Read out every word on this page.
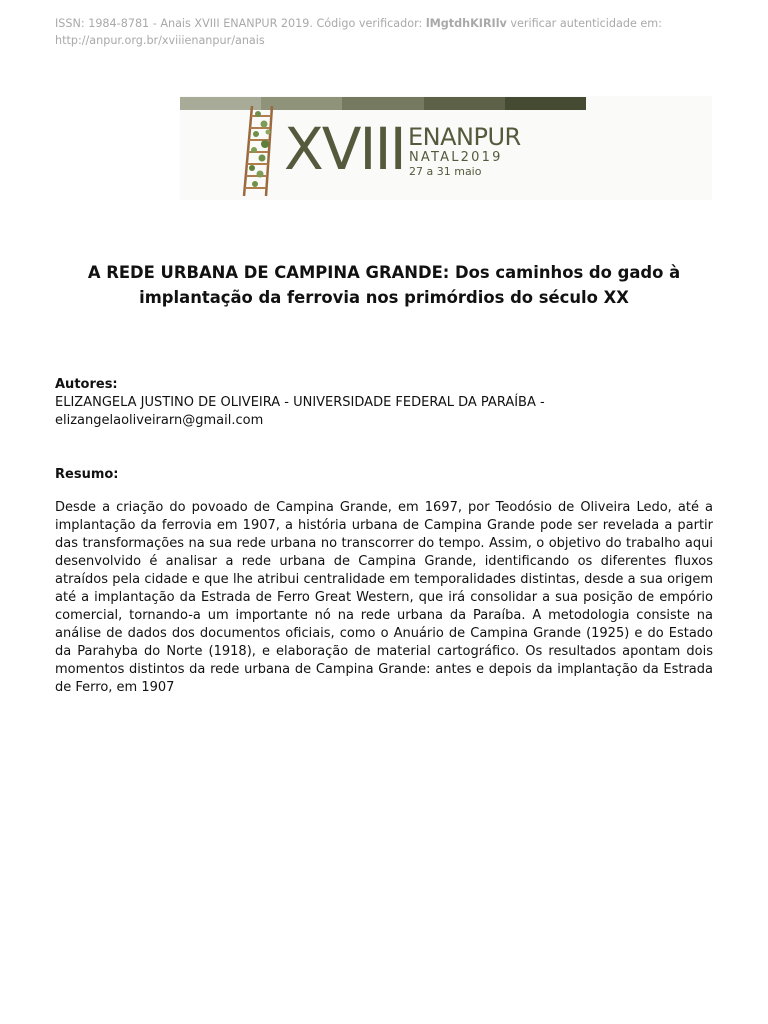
ISSN: 1984-8781 - Anais XVIII ENANPUR 2019. Código verificador: lMgtdhKIRIlv verificar autenticidade em: http://anpur.org.br/xviiienanpur/anais
XVIII ENANPUR
NATAL2019
27 a 31 maio
A REDE URBANA DE CAMPINA GRANDE: Dos caminhos do gado à implantação da ferrovia nos primórdios do século XX
Autores:
ELIZANGELA JUSTINO DE OLIVEIRA - UNIVERSIDADE FEDERAL DA PARAÍBA -
elizangelaoliveirarn@gmail.com
Resumo:
Desde a criação do povoado de Campina Grande, em 1697, por Teodósio de Oliveira Ledo, até a implantação da ferrovia em 1907, a história urbana de Campina Grande pode ser revelada a partir das transformações na sua rede urbana no transcorrer do tempo. Assim, o objetivo do trabalho aqui desenvolvido é analisar a rede urbana de Campina Grande, identificando os diferentes fluxos atraídos pela cidade e que lhe atribui centralidade em temporalidades distintas, desde a sua origem até a implantação da Estrada de Ferro Great Western, que irá consolidar a sua posição de empório comercial, tornando-a um importante nó na rede urbana da Paraíba. A metodologia consiste na análise de dados dos documentos oficiais, como o Anuário de Campina Grande (1925) e do Estado da Parahyba do Norte (1918), e elaboração de material cartográfico. Os resultados apontam dois momentos distintos da rede urbana de Campina Grande: antes e depois da implantação da Estrada de Ferro, em 1907
